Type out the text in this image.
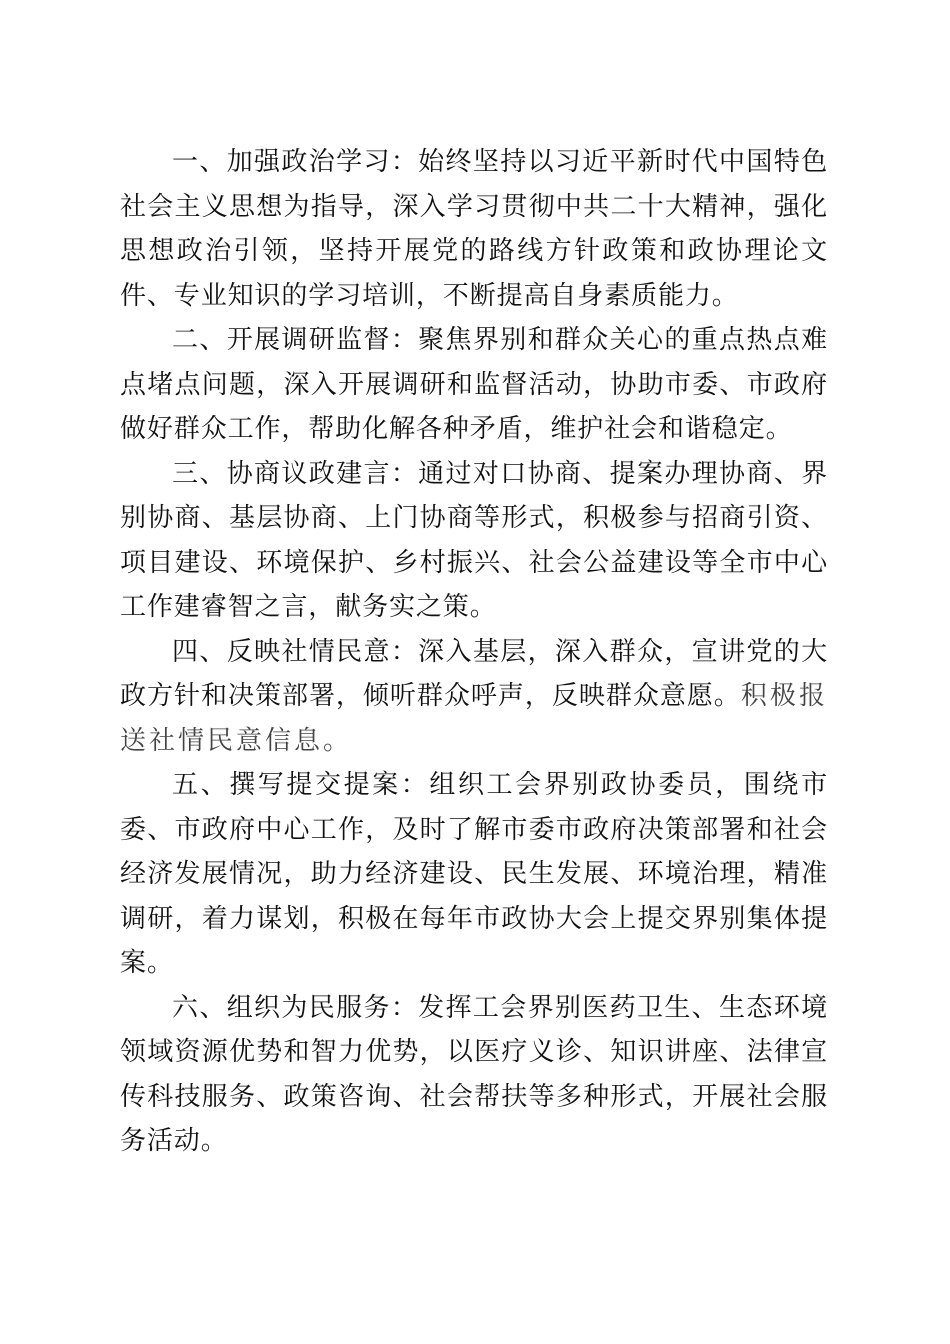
一、加强政治学习：始终坚持以习近平新时代中国特色社会主义思想为指导，深入学习贯彻中共二十大精神，强化思想政治引领，坚持开展党的路线方针政策和政协理论文件、专业知识的学习培训，不断提高自身素质能力。

二、开展调研监督：聚焦界别和群众关心的重点热点难点堵点问题，深入开展调研和监督活动，协助市委、市政府做好群众工作，帮助化解各种矛盾，维护社会和谐稳定。

三、协商议政建言：通过对口协商、提案办理协商、界别协商、基层协商、上门协商等形式，积极参与招商引资、项目建设、环境保护、乡村振兴、社会公益建设等全市中心工作建睿智之言，献务实之策。

四、反映社情民意：深入基层，深入群众，宣讲党的大政方针和决策部署，倾听群众呼声，反映群众意愿。积极报送社情民意信息。

五、撰写提交提案：组织工会界别政协委员，围绕市委、市政府中心工作，及时了解市委市政府决策部署和社会经济发展情况，助力经济建设、民生发展、环境治理，精准调研，着力谋划，积极在每年市政协大会上提交界别集体提案。

六、组织为民服务：发挥工会界别医药卫生、生态环境领域资源优势和智力优势，以医疗义诊、知识讲座、法律宣传科技服务、政策咨询、社会帮扶等多种形式，开展社会服务活动。
